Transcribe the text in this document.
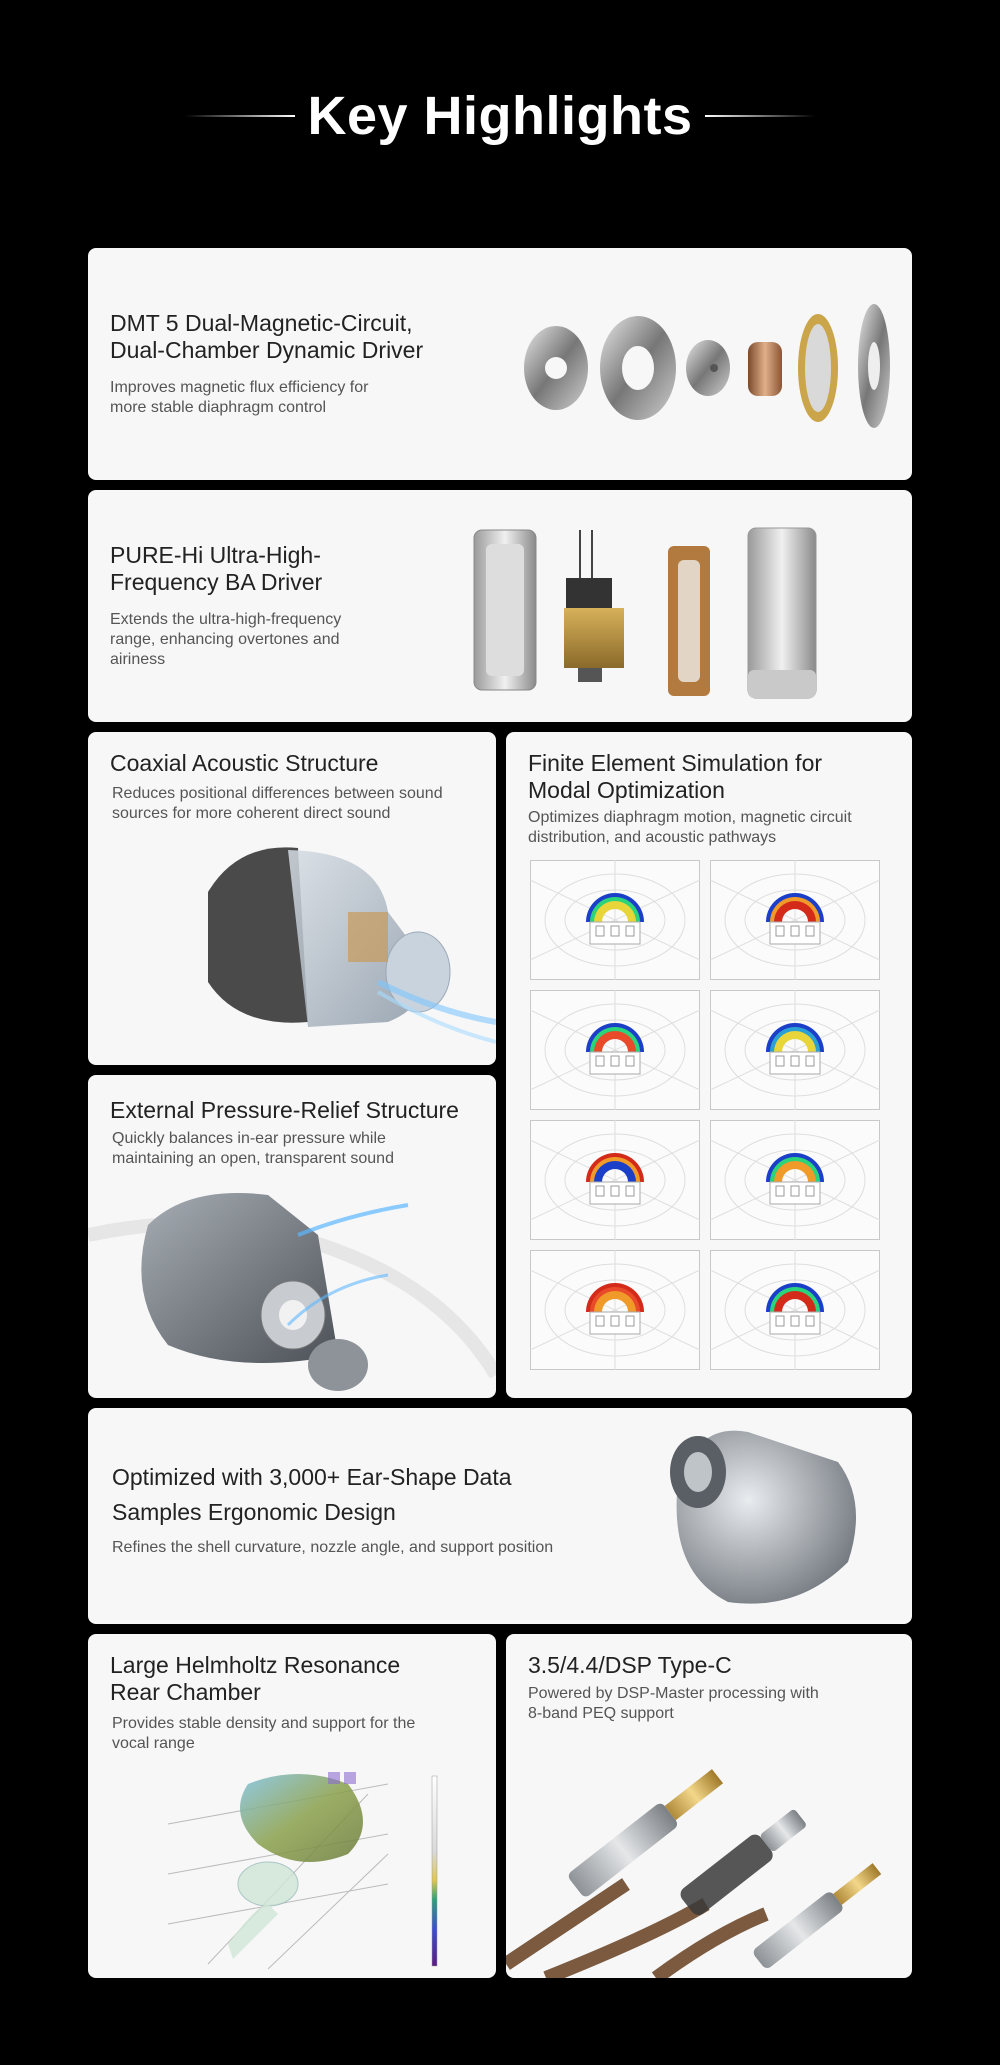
Key Highlights
DMT 5 Dual-Magnetic-Circuit,
Dual-Chamber Dynamic Driver

Improves magnetic flux efficiency for
more stable diaphragm control

PURE-Hi Ultra-High-
Frequency BA Driver

Extends the ultra-high-frequency
range, enhancing overtones and
airiness

Coaxial Acoustic Structure

Reduces positional differences between sound
sources for more coherent direct sound

Finite Element Simulation for
Modal Optimization

Optimizes diaphragm motion, magnetic circuit
distribution, and acoustic pathways

External Pressure-Relief Structure

Quickly balances in-ear pressure while
maintaining an open, transparent sound

Optimized with 3,000+ Ear-Shape Data
Samples Ergonomic Design

Refines the shell curvature, nozzle angle, and support position

Large Helmholtz Resonance
Rear Chamber

Provides stable density and support for the
vocal range

3.5/4.4/DSP Type-C

Powered by DSP-Master processing with
8-band PEQ support
